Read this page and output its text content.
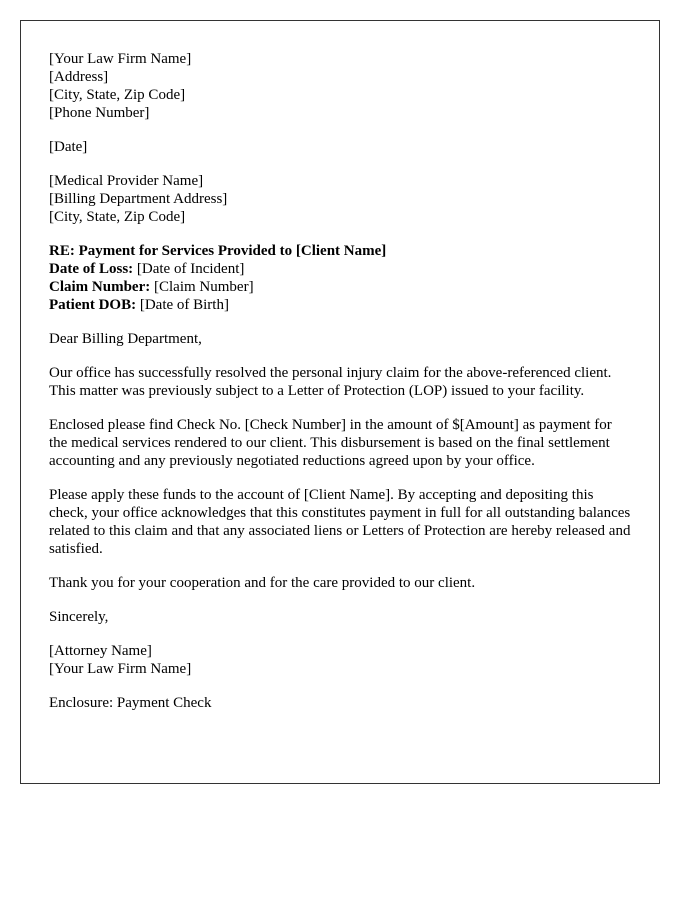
[Your Law Firm Name]
[Address]
[City, State, Zip Code]
[Phone Number]
[Date]
[Medical Provider Name]
[Billing Department Address]
[City, State, Zip Code]
RE: Payment for Services Provided to [Client Name]
Date of Loss: [Date of Incident]
Claim Number: [Claim Number]
Patient DOB: [Date of Birth]

Dear Billing Department,

Our office has successfully resolved the personal injury claim for the above-referenced client. This matter was previously subject to a Letter of Protection (LOP) issued to your facility.

Enclosed please find Check No. [Check Number] in the amount of $[Amount] as payment for the medical services rendered to our client. This disbursement is based on the final settlement accounting and any previously negotiated reductions agreed upon by your office.

Please apply these funds to the account of [Client Name]. By accepting and depositing this check, your office acknowledges that this constitutes payment in full for all outstanding balances related to this claim and that any associated liens or Letters of Protection are hereby released and satisfied.

Thank you for your cooperation and for the care provided to our client.

Sincerely,

[Attorney Name]
[Your Law Firm Name]
Enclosure: Payment Check
